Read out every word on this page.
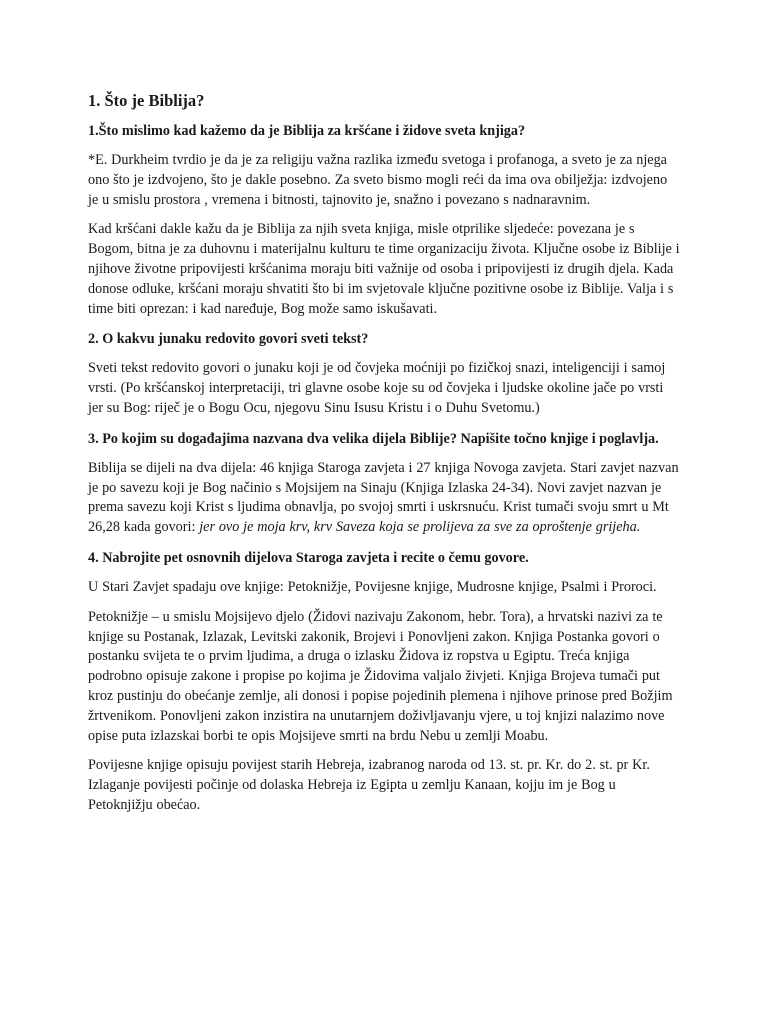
1. Što je Biblija?
1.Što mislimo kad kažemo da je Biblija za kršćane i židove sveta knjiga?

*E. Durkheim tvrdio je da je za religiju važna razlika između svetoga i profanoga, a sveto je za njega ono što je izdvojeno, što je dakle posebno. Za sveto bismo mogli reći da ima ova obilježja: izdvojeno je u smislu prostora , vremena i bitnosti, tajnovito je, snažno i povezano s nadnaravnim.

Kad kršćani dakle kažu da je Biblija za njih sveta knjiga, misle otprilike sljedeće: povezana je s Bogom, bitna je za duhovnu i materijalnu kulturu te time organizaciju života. Ključne osobe iz Biblije i njihove životne pripovijesti kršćanima moraju biti važnije od osoba i pripovijesti iz drugih djela. Kada donose odluke, kršćani moraju shvatiti što bi im svjetovale ključne pozitivne osobe iz Biblije. Valja i s time biti oprezan: i kad naređuje, Bog može samo iskušavati.

2. O kakvu junaku redovito govori sveti tekst?

Sveti tekst redovito govori o junaku koji je od čovjeka moćniji po fizičkoj snazi, inteligenciji i samoj vrsti. (Po kršćanskoj interpretaciji, tri glavne osobe koje su od čovjeka i ljudske okoline jače po vrsti jer su Bog: riječ je o Bogu Ocu, njegovu Sinu Isusu Kristu i o Duhu Svetomu.)

3. Po kojim su događajima nazvana dva velika dijela Biblije? Napišite točno knjige i poglavlja.

Biblija se dijeli na dva dijela: 46 knjiga Staroga zavjeta i 27 knjiga Novoga zavjeta. Stari zavjet nazvan je po savezu koji je Bog načinio s Mojsijem na Sinaju (Knjiga Izlaska 24-34). Novi zavjet nazvan je prema savezu koji Krist s ljudima obnavlja, po svojoj smrti i uskrsnuću. Krist tumači svoju smrt u Mt 26,28 kada govori: jer ovo je moja krv, krv Saveza koja se prolijeva za sve za oproštenje grijeha.

4. Nabrojite pet osnovnih dijelova Staroga zavjeta i recite o čemu govore.

U Stari Zavjet spadaju ove knjige: Petoknižje, Povijesne knjige, Mudrosne knjige, Psalmi i Proroci.

Petoknižje – u smislu Mojsijevo djelo (Židovi nazivaju Zakonom, hebr. Tora), a hrvatski nazivi za te knjige su Postanak, Izlazak, Levitski zakonik, Brojevi i Ponovljeni zakon. Knjiga Postanka govori o postanku svijeta te o prvim ljudima, a druga o izlasku Židova iz ropstva u Egiptu. Treća knjiga podrobno opisuje zakone i propise po kojima je Židovima valjalo živjeti. Knjiga Brojeva tumači put kroz pustinju do obećanje zemlje, ali donosi i popise pojedinih plemena i njihove prinose pred Božjim žrtvenikom. Ponovljeni zakon inzistira na unutarnjem doživljavanju vjere, u toj knjizi nalazimo nove opise puta izlazskai borbi te opis Mojsijeve smrti na brdu Nebu u zemlji Moabu.

Povijesne knjige opisuju povijest starih Hebreja, izabranog naroda od 13. st. pr. Kr. do 2. st. pr Kr. Izlaganje povijesti počinje od dolaska Hebreja iz Egipta u zemlju Kanaan, kojju im je Bog u Petoknjižju obećao.
